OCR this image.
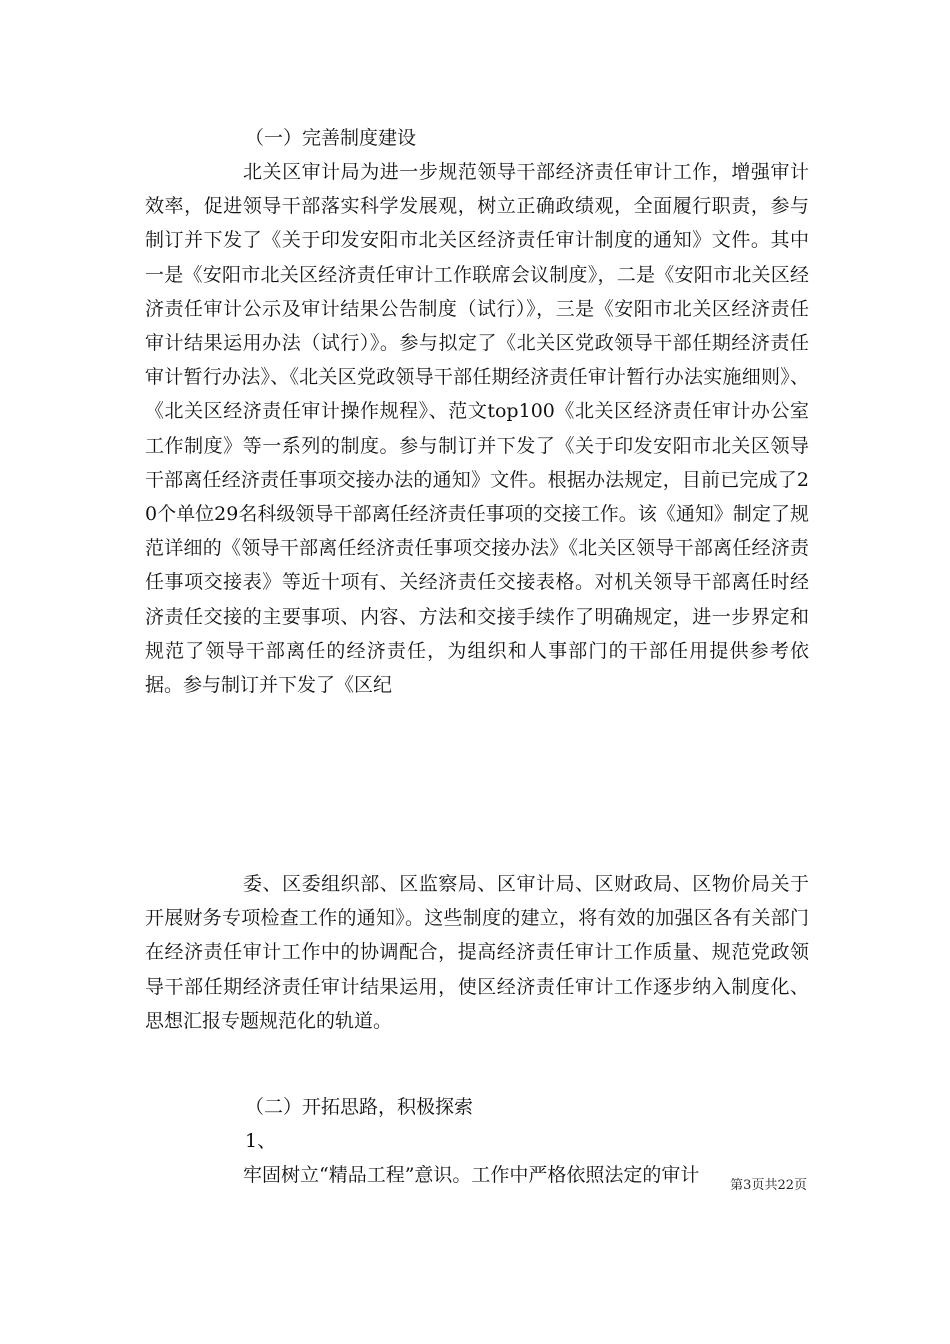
（一）完善制度建设

北关区审计局为进一步规范领导干部经济责任审计工作，增强审计效率，促进领导干部落实科学发展观，树立正确政绩观，全面履行职责，参与制订并下发了《关于印发安阳市北关区经济责任审计制度的通知》文件。其中一是《安阳市北关区经济责任审计工作联席会议制度》，二是《安阳市北关区经济责任审计公示及审计结果公告制度（试行）》，三是《安阳市北关区经济责任审计结果运用办法（试行）》。参与拟定了《北关区党政领导干部任期经济责任审计暂行办法》、《北关区党政领导干部任期经济责任审计暂行办法实施细则》、《北关区经济责任审计操作规程》、范文top100《北关区经济责任审计办公室工作制度》等一系列的制度。参与制订并下发了《关于印发安阳市北关区领导干部离任经济责任事项交接办法的通知》文件。根据办法规定，目前已完成了20个单位29名科级领导干部离任经济责任事项的交接工作。该《通知》制定了规范详细的《领导干部离任经济责任事项交接办法》《北关区领导干部离任经济责任事项交接表》等近十项有、关经济责任交接表格。对机关领导干部离任时经济责任交接的主要事项、内容、方法和交接手续作了明确规定，进一步界定和规范了领导干部离任的经济责任，为组织和人事部门的干部任用提供参考依据。参与制订并下发了《区纪

委、区委组织部、区监察局、区审计局、区财政局、区物价局关于开展财务专项检查工作的通知》。这些制度的建立，将有效的加强区各有关部门在经济责任审计工作中的协调配合，提高经济责任审计工作质量、规范党政领导干部任期经济责任审计结果运用，使区经济责任审计工作逐步纳入制度化、思想汇报专题规范化的轨道。

（二）开拓思路，积极探索
1、

牢固树立“精品工程”意识。工作中严格依照法定的审计	第3页共22页
